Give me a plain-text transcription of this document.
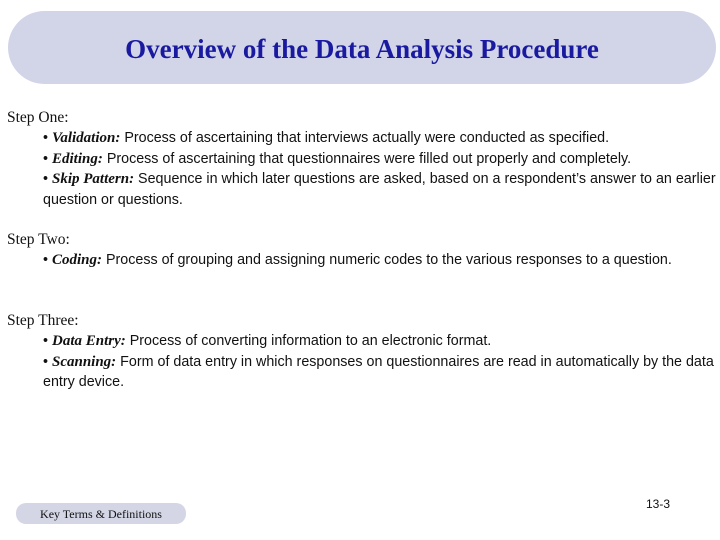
Overview of the Data Analysis Procedure
Step One:
• Validation: Process of ascertaining that interviews actually were conducted as specified.
• Editing: Process of ascertaining that questionnaires were filled out properly and completely.
• Skip Pattern: Sequence in which later questions are asked, based on a respondent’s answer to an earlier question or questions.
Step Two:
• Coding: Process of grouping and assigning numeric codes to the various responses to a question.
Step Three:
• Data Entry: Process of converting information to an electronic format.
• Scanning: Form of data entry in which responses on questionnaires are read in automatically by the data entry device.
Key Terms & Definitions
13-3
